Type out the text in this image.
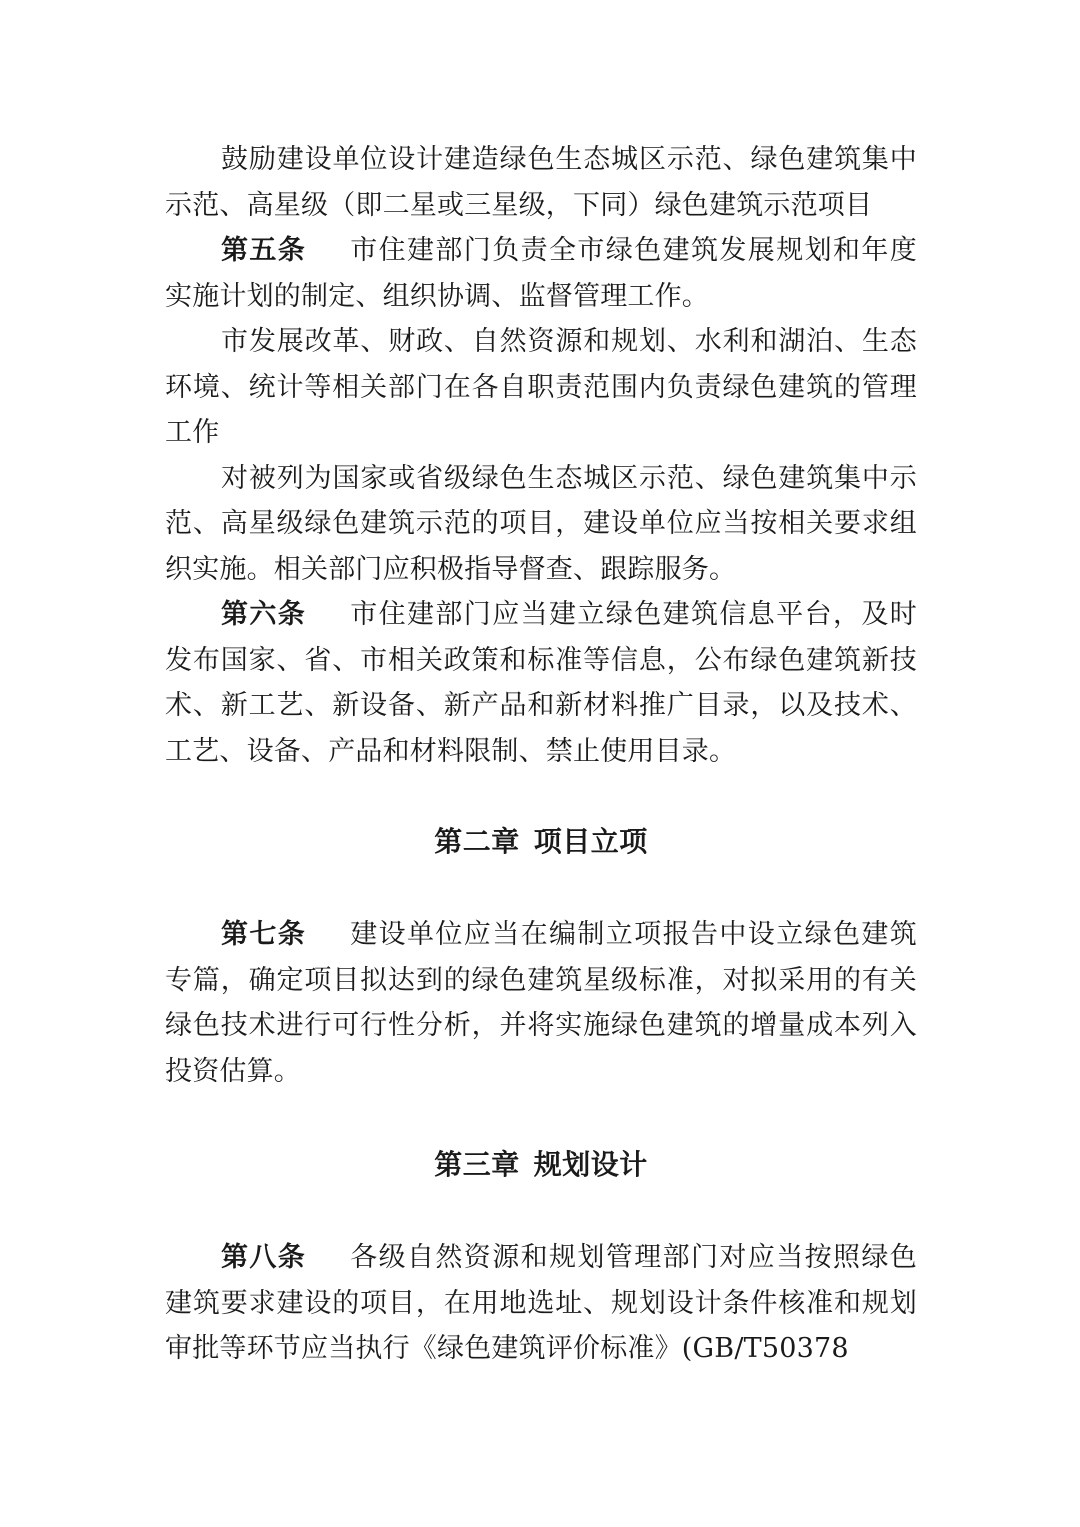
鼓励建设单位设计建造绿色生态城区示范、绿色建筑集中示范、高星级（即二星或三星级，下同）绿色建筑示范项目

第五条 市住建部门负责全市绿色建筑发展规划和年度实施计划的制定、组织协调、监督管理工作。

市发展改革、财政、自然资源和规划、水利和湖泊、生态环境、统计等相关部门在各自职责范围内负责绿色建筑的管理工作

对被列为国家或省级绿色生态城区示范、绿色建筑集中示范、高星级绿色建筑示范的项目，建设单位应当按相关要求组织实施。相关部门应积极指导督查、跟踪服务。

第六条 市住建部门应当建立绿色建筑信息平台，及时发布国家、省、市相关政策和标准等信息，公布绿色建筑新技术、新工艺、新设备、新产品和新材料推广目录，以及技术、工艺、设备、产品和材料限制、禁止使用目录。

第二章 项目立项

第七条 建设单位应当在编制立项报告中设立绿色建筑专篇，确定项目拟达到的绿色建筑星级标准，对拟采用的有关绿色技术进行可行性分析，并将实施绿色建筑的增量成本列入投资估算。

第三章 规划设计

第八条 各级自然资源和规划管理部门对应当按照绿色建筑要求建设的项目，在用地选址、规划设计条件核准和规划审批等环节应当执行《绿色建筑评价标准》(GB/T50378
